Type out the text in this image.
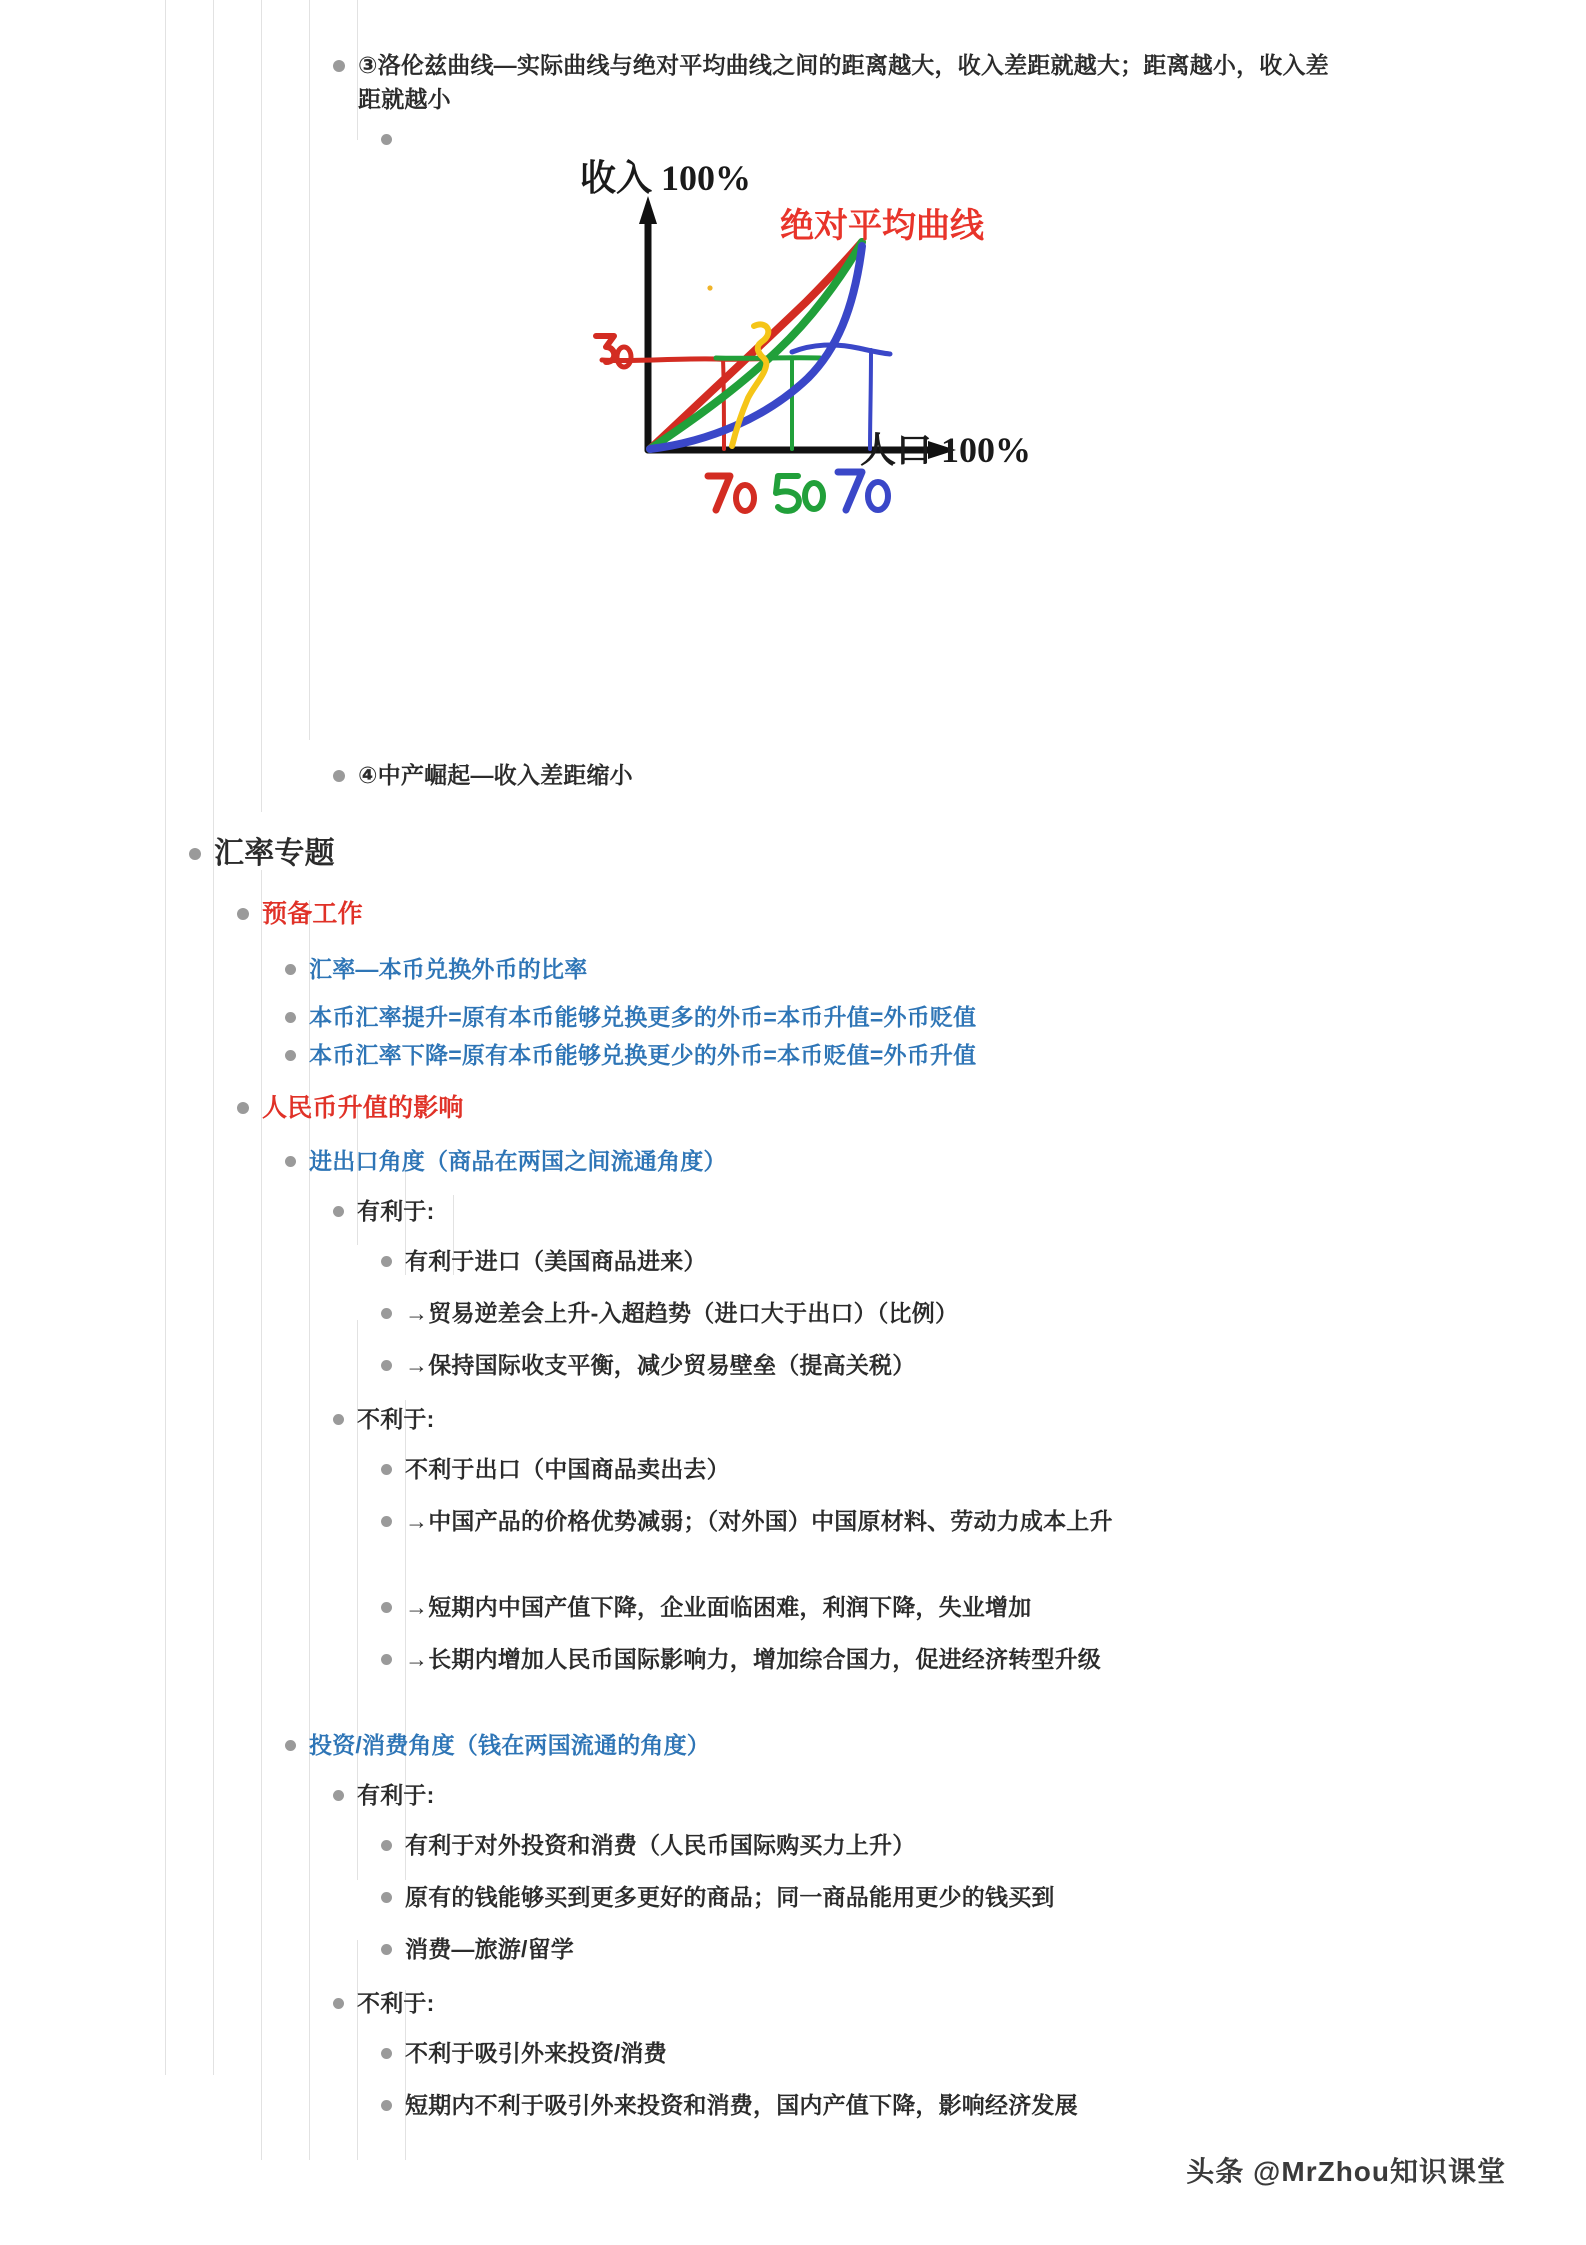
③洛伦兹曲线—实际曲线与绝对平均曲线之间的距离越大，收入差距就越大；距离越小，收入差距就越小
收入 100%
人口 100%
绝对平均曲线
④中产崛起—收入差距缩小
汇率专题
预备工作
汇率—本币兑换外币的比率
本币汇率提升=原有本币能够兑换更多的外币=本币升值=外币贬值
本币汇率下降=原有本币能够兑换更少的外币=本币贬值=外币升值
人民币升值的影响
进出口角度（商品在两国之间流通角度）
有利于:
有利于进口（美国商品进来）
→贸易逆差会上升-入超趋势（进口大于出口）（比例）
→保持国际收支平衡，减少贸易壁垒（提高关税）
不利于:
不利于出口（中国商品卖出去）
→中国产品的价格优势减弱；（对外国）中国原材料、劳动力成本上升
→短期内中国产值下降，企业面临困难，利润下降，失业增加
→长期内增加人民币国际影响力，增加综合国力，促进经济转型升级
投资/消费角度（钱在两国流通的角度）
有利于:
有利于对外投资和消费（人民币国际购买力上升）
原有的钱能够买到更多更好的商品；同一商品能用更少的钱买到
消费—旅游/留学
不利于:
不利于吸引外来投资/消费
短期内不利于吸引外来投资和消费，国内产值下降，影响经济发展
头条 @MrZhou知识课堂
